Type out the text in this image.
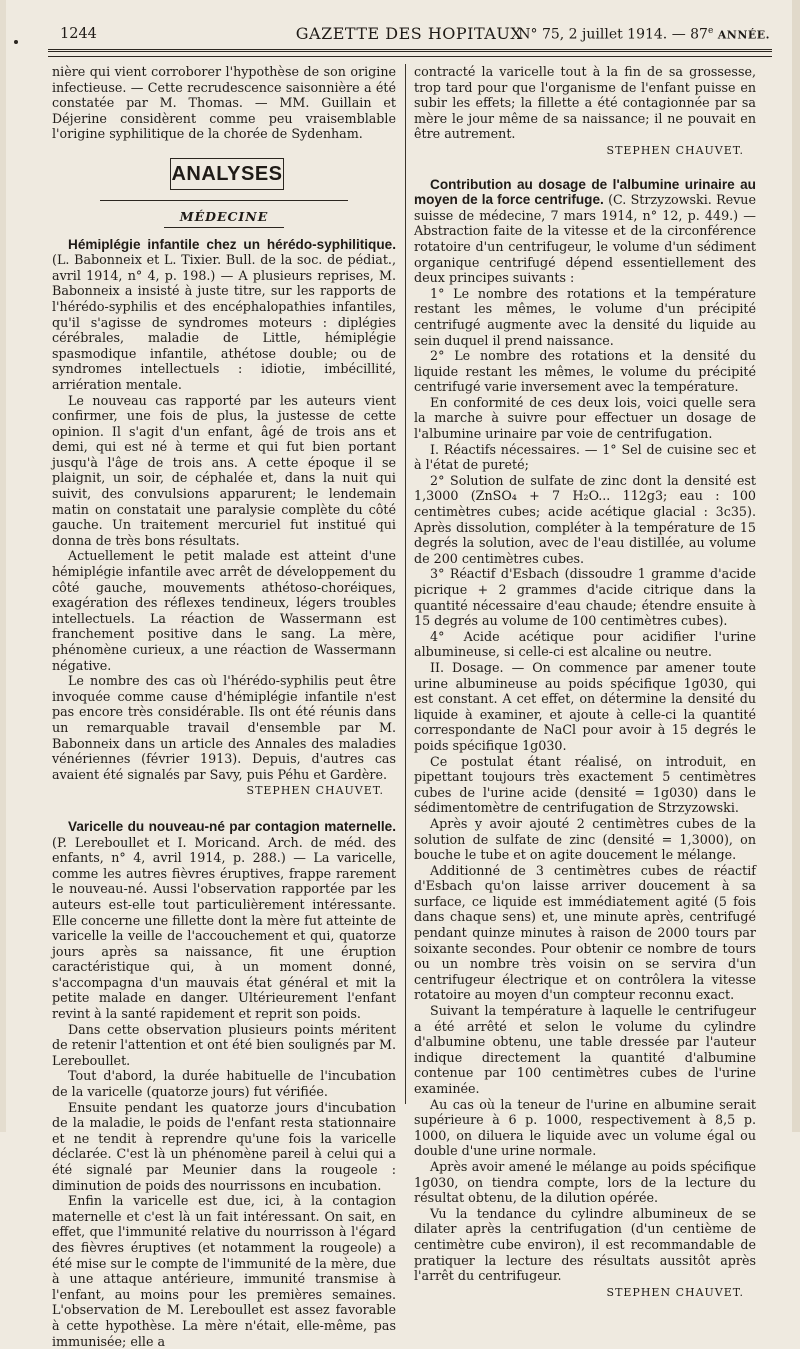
1244	GAZETTE DES HOPITAUX
N° 75, 2 juillet 1914. — 87e ANNÉE.

nière qui vient corroborer l'hypothèse de son origine infectieuse. — Cette recrudescence saisonnière a été constatée par M. Thomas. — MM. Guillain et Déjerine considèrent comme peu vraisemblable l'origine syphilitique de la chorée de Sydenham.

ANALYSES
MÉDECINE

Hémiplégie infantile chez un hérédo-syphilitique. (L. Babonneix et L. Tixier. Bull. de la soc. de pédiat., avril 1914, n° 4, p. 198.) — A plusieurs reprises, M. Babonneix a insisté à juste titre, sur les rapports de l'hérédo-syphilis et des encéphalopathies infantiles, qu'il s'agisse de syndromes moteurs : diplégies cérébrales, maladie de Little, hémiplégie spasmodique infantile, athétose double; ou de syndromes intellectuels : idiotie, imbécillité, arriération mentale.

Le nouveau cas rapporté par les auteurs vient confirmer, une fois de plus, la justesse de cette opinion. Il s'agit d'un enfant, âgé de trois ans et demi, qui est né à terme et qui fut bien portant jusqu'à l'âge de trois ans. A cette époque il se plaignit, un soir, de céphalée et, dans la nuit qui suivit, des convulsions apparurent; le lendemain matin on constatait une paralysie complète du côté gauche. Un traitement mercuriel fut institué qui donna de très bons résultats.

Actuellement le petit malade est atteint d'une hémiplégie infantile avec arrêt de développement du côté gauche, mouvements athétoso-choréiques, exagération des réflexes tendineux, légers troubles intellectuels. La réaction de Wassermann est franchement positive dans le sang. La mère, phénomène curieux, a une réaction de Wassermann négative.

Le nombre des cas où l'hérédo-syphilis peut être invoquée comme cause d'hémiplégie infantile n'est pas encore très considérable. Ils ont été réunis dans un remarquable travail d'ensemble par M. Babonneix dans un article des Annales des maladies vénériennes (février 1913). Depuis, d'autres cas avaient été signalés par Savy, puis Péhu et Gardère.

STEPHEN CHAUVET.

Varicelle du nouveau-né par contagion maternelle. (P. Lereboullet et I. Moricand. Arch. de méd. des enfants, n° 4, avril 1914, p. 288.) — La varicelle, comme les autres fièvres éruptives, frappe rarement le nouveau-né. Aussi l'observation rapportée par les auteurs est-elle tout particulièrement intéressante. Elle concerne une fillette dont la mère fut atteinte de varicelle la veille de l'accouchement et qui, quatorze jours après sa naissance, fit une éruption caractéristique qui, à un moment donné, s'accompagna d'un mauvais état général et mit la petite malade en danger. Ultérieurement l'enfant revint à la santé rapidement et reprit son poids.

Dans cette observation plusieurs points méritent de retenir l'attention et ont été bien soulignés par M. Lereboullet.

Tout d'abord, la durée habituelle de l'incubation de la varicelle (quatorze jours) fut vérifiée.

Ensuite pendant les quatorze jours d'incubation de la maladie, le poids de l'enfant resta stationnaire et ne tendit à reprendre qu'une fois la varicelle déclarée. C'est là un phénomène pareil à celui qui a été signalé par Meunier dans la rougeole : diminution de poids des nourrissons en incubation.

Enfin la varicelle est due, ici, à la contagion maternelle et c'est là un fait intéressant. On sait, en effet, que l'immunité relative du nourrisson à l'égard des fièvres éruptives (et notamment la rougeole) a été mise sur le compte de l'immunité de la mère, due à une attaque antérieure, immunité transmise à l'enfant, au moins pour les premières semaines. L'observation de M. Lereboullet est assez favorable à cette hypothèse. La mère n'était, elle-même, pas immunisée; elle a

contracté la varicelle tout à la fin de sa grossesse, trop tard pour que l'organisme de l'enfant puisse en subir les effets; la fillette a été contagionnée par sa mère le jour même de sa naissance; il ne pouvait en être autrement.

STEPHEN CHAUVET.

Contribution au dosage de l'albumine urinaire au moyen de la force centrifuge. (C. Strzyzowski. Revue suisse de médecine, 7 mars 1914, n° 12, p. 449.) — Abstraction faite de la vitesse et de la circonférence rotatoire d'un centrifugeur, le volume d'un sédiment organique centrifugé dépend essentiellement des deux principes suivants :

1° Le nombre des rotations et la température restant les mêmes, le volume d'un précipité centrifugé augmente avec la densité du liquide au sein duquel il prend naissance.

2° Le nombre des rotations et la densité du liquide restant les mêmes, le volume du précipité centrifugé varie inversement avec la température.

En conformité de ces deux lois, voici quelle sera la marche à suivre pour effectuer un dosage de l'albumine urinaire par voie de centrifugation.

I. Réactifs nécessaires. — 1° Sel de cuisine sec et à l'état de pureté;

2° Solution de sulfate de zinc dont la densité est 1,3000 (ZnSO₄ + 7 H₂O... 112g3; eau : 100 centimètres cubes; acide acétique glacial : 3c35). Après dissolution, compléter à la température de 15 degrés la solution, avec de l'eau distillée, au volume de 200 centimètres cubes.

3° Réactif d'Esbach (dissoudre 1 gramme d'acide picrique + 2 grammes d'acide citrique dans la quantité nécessaire d'eau chaude; étendre ensuite à 15 degrés au volume de 100 centimètres cubes).

4° Acide acétique pour acidifier l'urine albumineuse, si celle-ci est alcaline ou neutre.

II. Dosage. — On commence par amener toute urine albumineuse au poids spécifique 1g030, qui est constant. A cet effet, on détermine la densité du liquide à examiner, et ajoute à celle-ci la quantité correspondante de NaCl pour avoir à 15 degrés le poids spécifique 1g030.

Ce postulat étant réalisé, on introduit, en pipettant toujours très exactement 5 centimètres cubes de l'urine acide (densité = 1g030) dans le sédimentomètre de centrifugation de Strzyzowski.

Après y avoir ajouté 2 centimètres cubes de la solution de sulfate de zinc (densité = 1,3000), on bouche le tube et on agite doucement le mélange.

Additionné de 3 centimètres cubes de réactif d'Esbach qu'on laisse arriver doucement à sa surface, ce liquide est immédiatement agité (5 fois dans chaque sens) et, une minute après, centrifugé pendant quinze minutes à raison de 2000 tours par soixante secondes. Pour obtenir ce nombre de tours ou un nombre très voisin on se servira d'un centrifugeur électrique et on contrôlera la vitesse rotatoire au moyen d'un compteur reconnu exact.

Suivant la température à laquelle le centrifugeur a été arrêté et selon le volume du cylindre d'albumine obtenu, une table dressée par l'auteur indique directement la quantité d'albumine contenue par 100 centimètres cubes de l'urine examinée.

Au cas où la teneur de l'urine en albumine serait supérieure à 6 p. 1000, respectivement à 8,5 p. 1000, on diluera le liquide avec un volume égal ou double d'une urine normale.

Après avoir amené le mélange au poids spécifique 1g030, on tiendra compte, lors de la lecture du résultat obtenu, de la dilution opérée.

Vu la tendance du cylindre albumineux de se dilater après la centrifugation (d'un centième de centimètre cube environ), il est recommandable de pratiquer la lecture des résultats aussitôt après l'arrêt du centrifugeur.

STEPHEN CHAUVET.
